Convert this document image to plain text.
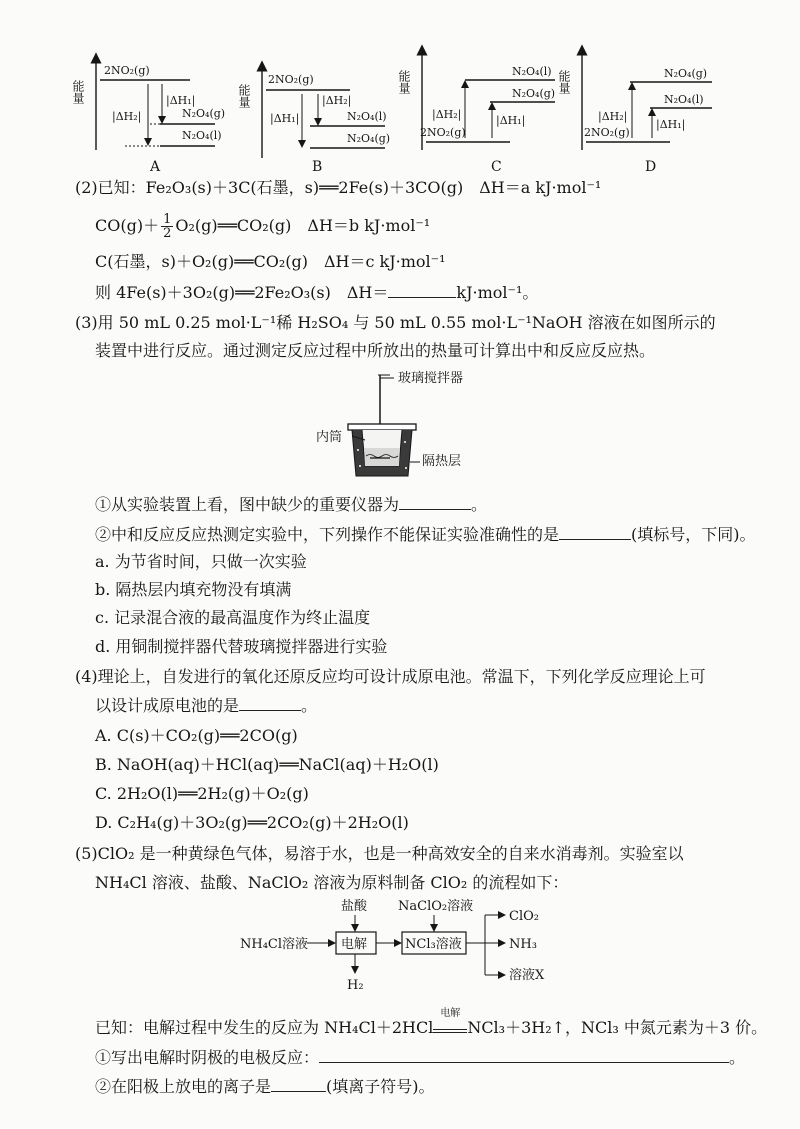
能量
2NO₂(g)
N₂O₄(g)
N₂O₄(l)
|ΔH₁|
|ΔH₂|
A
能量
2NO₂(g)
N₂O₄(l)
N₂O₄(g)
|ΔH₂|
|ΔH₁|
B
能量	N₂O₄(l)
N₂O₄(g)
2NO₂(g)
|ΔH₂|	|ΔH₁|
C
能量	N₂O₄(g)
N₂O₄(l)
2NO₂(g)
|ΔH₂|
|ΔH₁|
D
(2)已知：Fe₂O₃(s)＋3C(石墨，s)══2Fe(s)＋3CO(g)　ΔH＝a kJ·mol⁻¹
$CO(g)+ \frac{1}{2}$ O₂(g)══CO₂(g)　ΔH＝b kJ·mol⁻¹
C(石墨，s)＋O₂(g)══CO₂(g)　ΔH＝c kJ·mol⁻¹
则 4Fe(s)＋3O₂(g)══2Fe₂O₃(s)　ΔH＝	kJ·mol⁻¹。
(3)用 50 mL 0.25 mol·L⁻¹稀 H₂SO₄ 与 50 mL 0.55 mol·L⁻¹NaOH 溶液在如图所示的
装置中进行反应。通过测定反应过程中所放出的热量可计算出中和反应反应热。
玻璃搅拌器
内筒
隔热层
①从实验装置上看，图中缺少的重要仪器为	。
②中和反应反应热测定实验中，下列操作不能保证实验准确性的是	(填标号，下同)。
a. 为节省时间，只做一次实验
b. 隔热层内填充物没有填满
c. 记录混合液的最高温度作为终止温度
d. 用铜制搅拌器代替玻璃搅拌器进行实验
(4)理论上，自发进行的氧化还原反应均可设计成原电池。常温下，下列化学反应理论上可
以设计成原电池的是	。
A. C(s)＋CO₂(g)══2CO(g)
B. NaOH(aq)＋HCl(aq)══NaCl(aq)＋H₂O(l)
C. 2H₂O(l)══2H₂(g)＋O₂(g)
D. C₂H₄(g)＋3O₂(g)══2CO₂(g)＋2H₂O(l)
(5)ClO₂ 是一种黄绿色气体，易溶于水，也是一种高效安全的自来水消毒剂。实验室以
NH₄Cl 溶液、盐酸、NaClO₂ 溶液为原料制备 ClO₂ 的流程如下：
NH₄Cl溶液
盐酸
电解
H₂
NaClO₂溶液
NCl₃溶液
ClO₂
NH₃
溶液X
已知：电解过程中发生的反应为 NH₄Cl＋2HCl
电解
NCl₃＋3H₂↑，NCl₃ 中氮元素为＋3 价。
①写出电解时阴极的电极反应：	。
②在阳极上放电的离子是	(填离子符号)。
